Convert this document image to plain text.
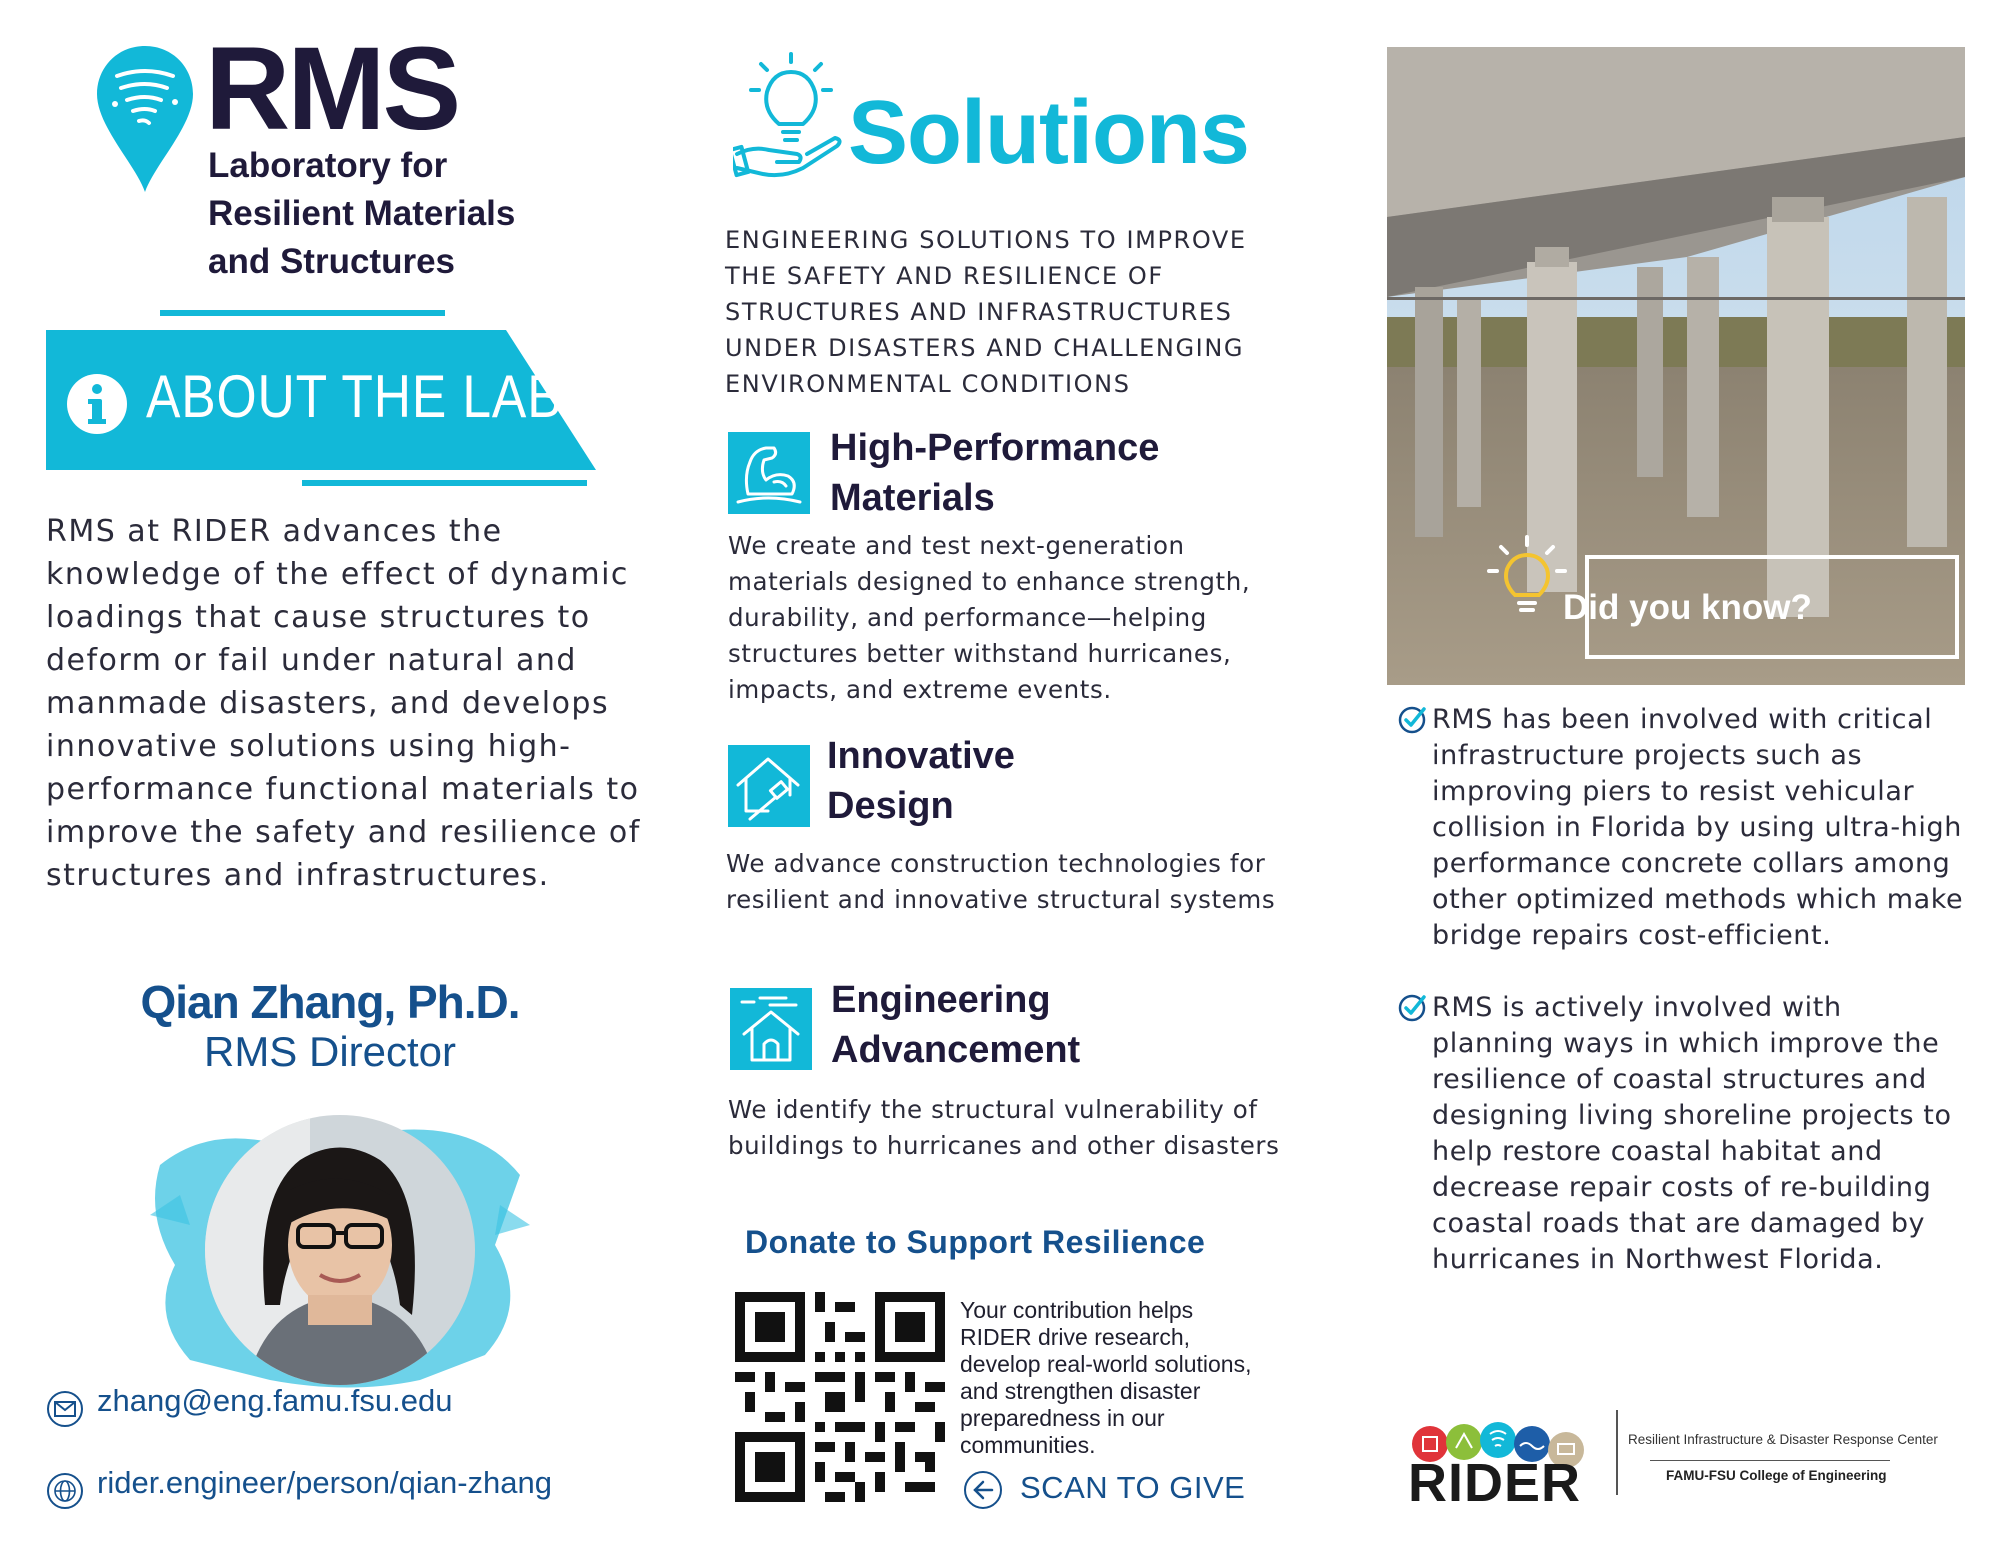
RMS
Laboratory for
Resilient Materials
and Structures
ABOUT THE LAB

RMS at RIDER advances the knowledge of the effect of dynamic loadings that cause structures to deform or fail under natural and manmade disasters, and develops innovative solutions using high-performance functional materials to improve the safety and resilience of structures and infrastructures.

Qian Zhang, Ph.D.
RMS Director
zhang@eng.famu.fsu.edu
rider.engineer/person/qian-zhang
Solutions

ENGINEERING SOLUTIONS TO IMPROVE THE SAFETY AND RESILIENCE OF STRUCTURES AND INFRASTRUCTURES UNDER DISASTERS AND CHALLENGING ENVIRONMENTAL CONDITIONS

High-Performance
Materials

We create and test next-generation materials designed to enhance strength, durability, and performance—helping structures better withstand hurricanes, impacts, and extreme events.

Innovative
Design

We advance construction technologies for resilient and innovative structural systems

Engineering
Advancement

We identify the structural vulnerability of buildings to hurricanes and other disasters

Donate to Support Resilience

Your contribution helps RIDER drive research, develop real-world solutions, and strengthen disaster preparedness in our communities.

SCAN TO GIVE
Did you know?

RMS has been involved with critical infrastructure projects such as improving piers to resist vehicular collision in Florida by using ultra-high performance concrete collars among other optimized methods which make bridge repairs cost-efficient.

RMS is actively involved with planning ways in which improve the resilience of coastal structures and designing living shoreline projects to help restore coastal habitat and decrease repair costs of re-building coastal roads that are damaged by hurricanes in Northwest Florida.

RIDER
Resilient Infrastructure & Disaster Response Center
FAMU-FSU College of Engineering
